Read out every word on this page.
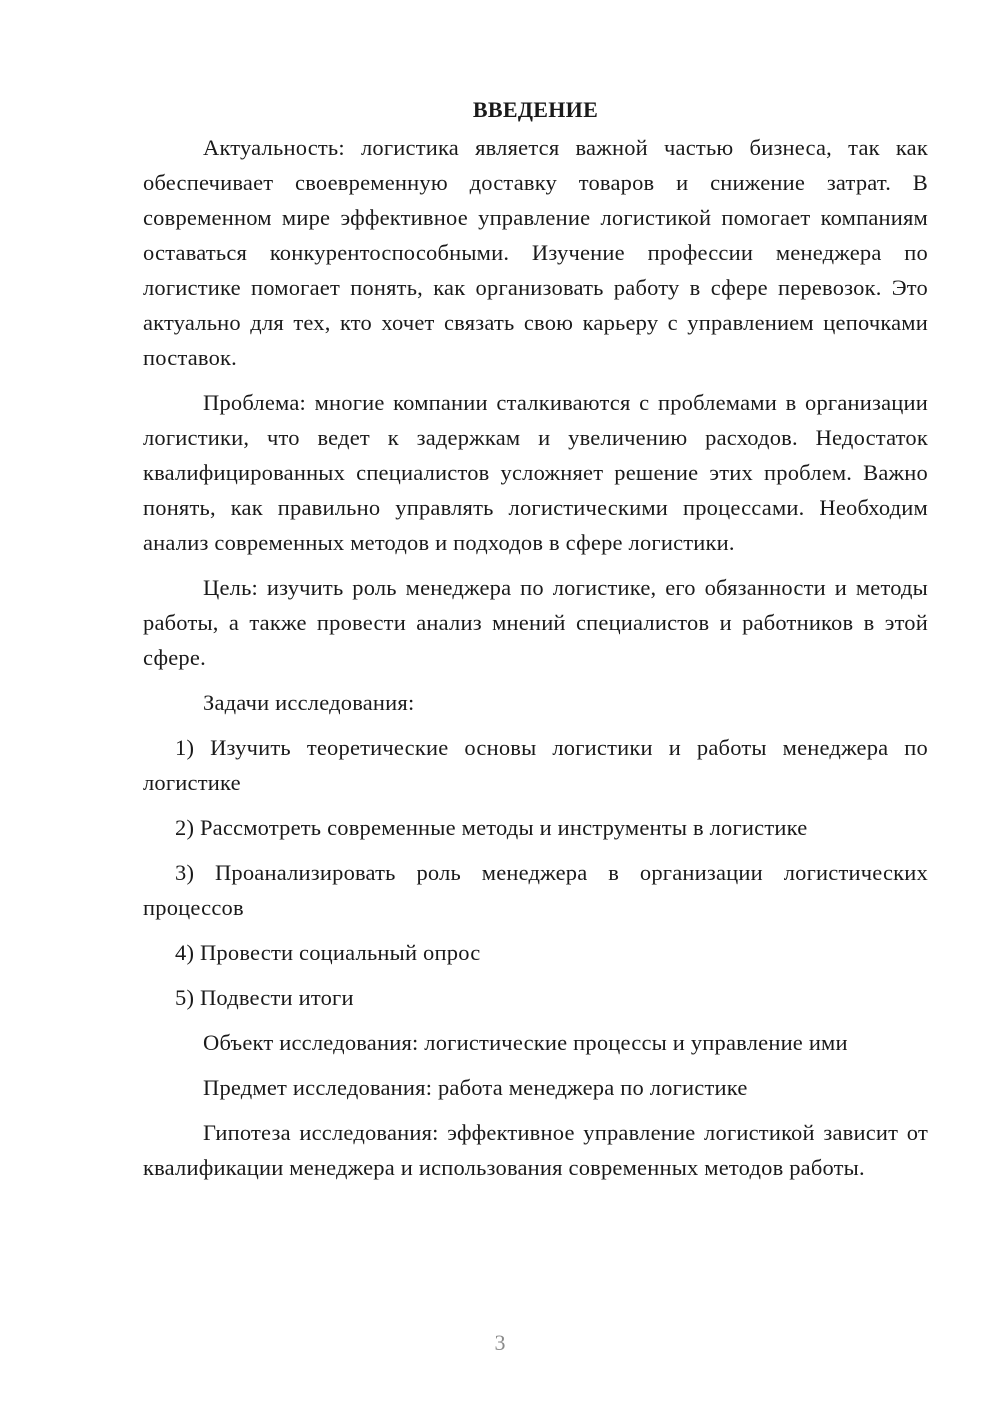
ВВЕДЕНИЕ

Актуальность: логистика является важной частью бизнеса, так как обеспечивает своевременную доставку товаров и снижение затрат. В современном мире эффективное управление логистикой помогает компаниям оставаться конкурентоспособными. Изучение профессии менеджера по логистике помогает понять, как организовать работу в сфере перевозок. Это актуально для тех, кто хочет связать свою карьеру с управлением цепочками поставок.

Проблема: многие компании сталкиваются с проблемами в организации логистики, что ведет к задержкам и увеличению расходов. Недостаток квалифицированных специалистов усложняет решение этих проблем. Важно понять, как правильно управлять логистическими процессами. Необходим анализ современных методов и подходов в сфере логистики.

Цель: изучить роль менеджера по логистике, его обязанности и методы работы, а также провести анализ мнений специалистов и работников в этой сфере.

Задачи исследования:

1) Изучить теоретические основы логистики и работы менеджера по логистике

2) Рассмотреть современные методы и инструменты в логистике

3) Проанализировать роль менеджера в организации логистических процессов

4) Провести социальный опрос

5) Подвести итоги

Объект исследования: логистические процессы и управление ими

Предмет исследования: работа менеджера по логистике

Гипотеза исследования: эффективное управление логистикой зависит от квалификации менеджера и использования современных методов работы.

3
